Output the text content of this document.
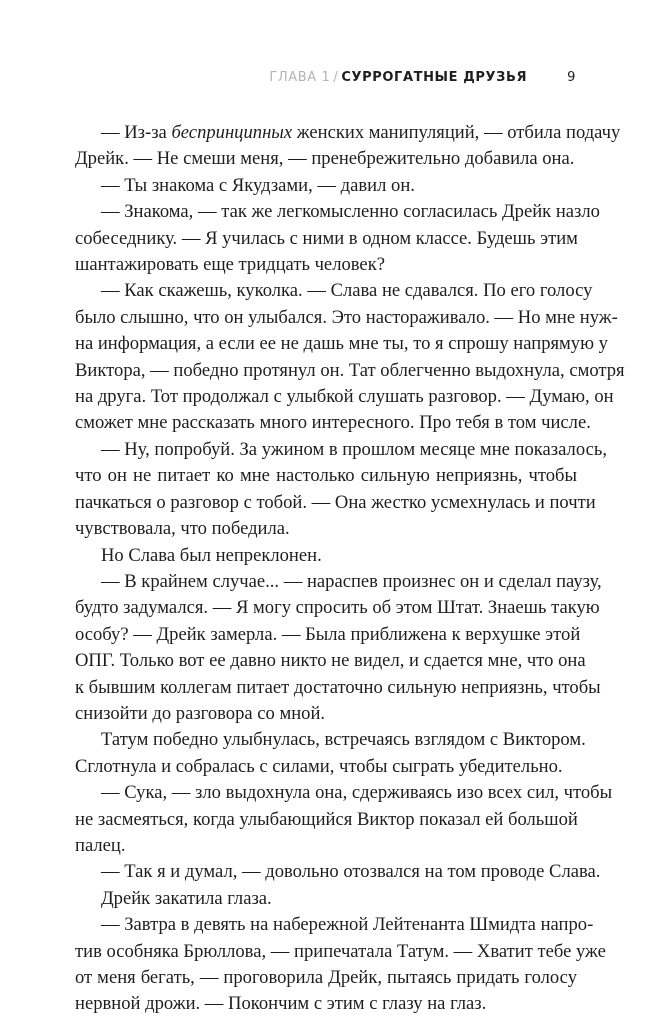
ГЛАВА 1 / СУРРОГАТНЫЕ ДРУЗЬЯ	9

— Из-за беспринципных женских манипуляций, — отбила подачу
Дрейк. — Не смеши меня, — пренебрежительно добавила она.

— Ты знакома с Якудзами, — давил он.

— Знакома, — так же легкомысленно согласилась Дрейк назло
собеседнику. — Я училась с ними в одном классе. Будешь этим
шантажировать еще тридцать человек?

— Как скажешь, куколка. — Слава не сдавался. По его голосу
было слышно, что он улыбался. Это настораживало. — Но мне нуж-
на информация, а если ее не дашь мне ты, то я спрошу напрямую у
Виктора, — победно протянул он. Тат облегченно выдохнула, смотря
на друга. Тот продолжал с улыбкой слушать разговор. — Думаю, он
сможет мне рассказать много интересного. Про тебя в том числе.

— Ну, попробуй. За ужином в прошлом месяце мне показалось,
что он не питает ко мне настолько сильную неприязнь, чтобы
пачкаться о разговор с тобой. — Она жестко усмехнулась и почти
чувствовала, что победила.

Но Слава был непреклонен.

— В крайнем случае... — нараспев произнес он и сделал паузу,
будто задумался. — Я могу спросить об этом Штат. Знаешь такую
особу? — Дрейк замерла. — Была приближена к верхушке этой
ОПГ. Только вот ее давно никто не видел, и сдается мне, что она
к бывшим коллегам питает достаточно сильную неприязнь, чтобы
снизойти до разговора со мной.

Татум победно улыбнулась, встречаясь взглядом с Виктором.
Сглотнула и собралась с силами, чтобы сыграть убедительно.

— Сука, — зло выдохнула она, сдерживаясь изо всех сил, чтобы
не засмеяться, когда улыбающийся Виктор показал ей большой
палец.

— Так я и думал, — довольно отозвался на том проводе Слава.

Дрейк закатила глаза.

— Завтра в девять на набережной Лейтенанта Шмидта напро-
тив особняка Брюллова, — припечатала Татум. — Хватит тебе уже
от меня бегать, — проговорила Дрейк, пытаясь придать голосу
нервной дрожи. — Покончим с этим с глазу на глаз.
